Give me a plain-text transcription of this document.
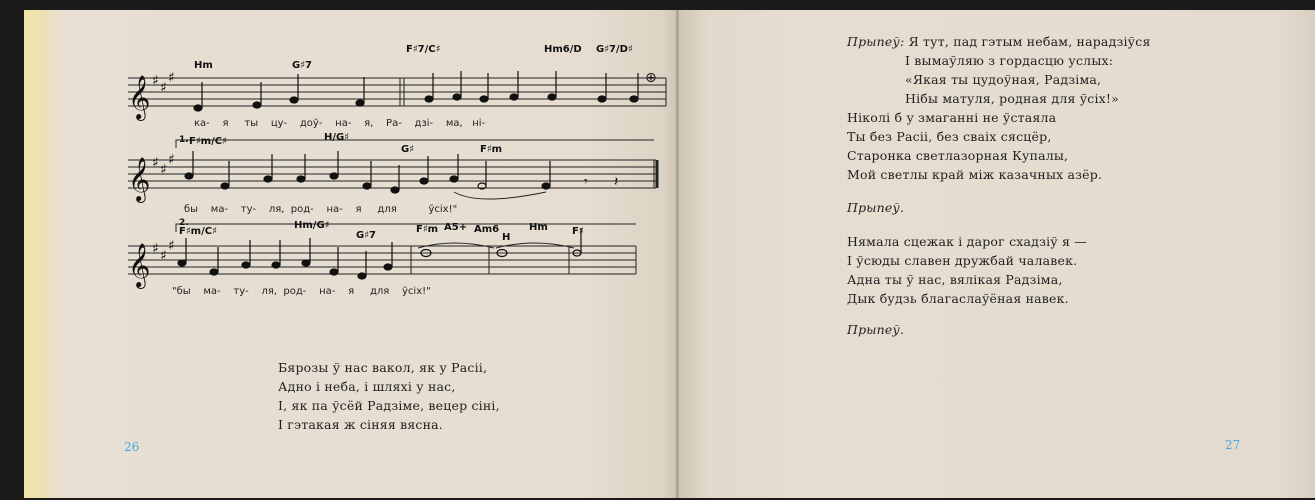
𝄞
𝄞
𝄞
♯ ♯
♯
♯ ♯
♯
♯ ♯
♯
⊕
𝄾 𝄽
Hm	G♯7
F♯7/C♯	Hm6/D G♯7/D♯
ка-    я     ты    цу-    доў-    на-    я,    Ра-    дзі-    ма,   ні-
1. F♯m/C♯	H/G♯
G♯	F♯m
бы    ма-    ту-    ля,  род-    на-    я     для          ўсіх!"
2.
F♯m/C♯
Hm/G♯
G♯7
F♯m A5+ Am6
H
Hm F♯
"бы    ма-    ту-    ля,  род-    на-    я     для    ўсіх!"
Бярозы ў нас вакол, як у Расіі,
Адно і неба, і шляхі у нас,
І, як па ўсёй Радзіме, вецер сіні,
І гэтакая ж сіняя вясна.
26
Прыпеў: Я тут, пад гэтым небам, нарадзіўся
І вымаўляю з гордасцю услых:
«Якая ты цудоўная, Радзіма,
Нібы матуля, родная для ўсіх!»
Ніколі б у змаганні не ўстаяла
Ты без Расіі, без сваіх сясцёр,
Старонка светлазорная Купалы,
Мой светлы край між казачных азёр.
Прыпеў.
Нямала сцежак і дарог схадзіў я —
І ўсюды славен дружбай чалавек.
Адна ты ў нас, вялікая Радзіма,
Дык будзь благаслаўёная навек.
Прыпеў.
27
